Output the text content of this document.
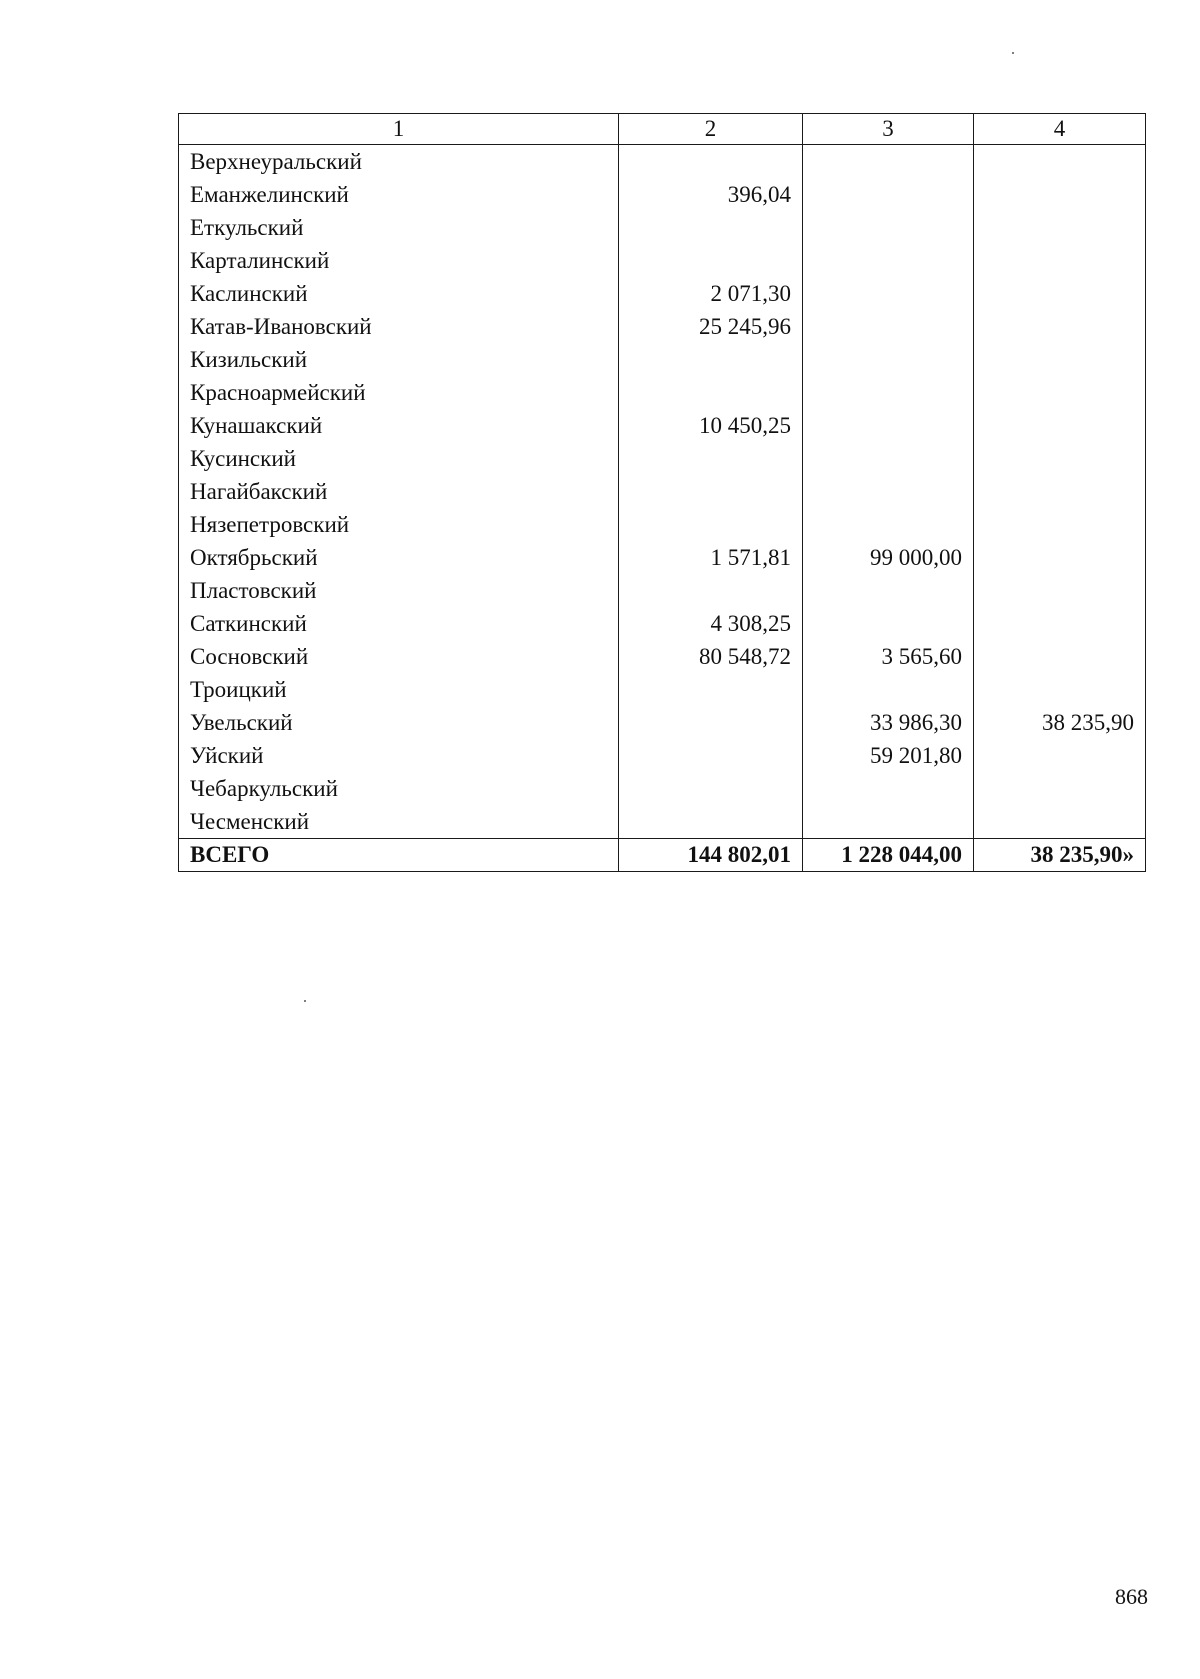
1	2	3	4
Верхнеуральский			
Еманжелинский	396,04		
Еткульский			
Карталинский			
Каслинский	2 071,30		
Катав-Ивановский	25 245,96		
Кизильский			
Красноармейский			
Кунашакский	10 450,25		
Кусинский			
Нагайбакский			
Нязепетровский			
Октябрьский	1 571,81	99 000,00	
Пластовский			
Саткинский	4 308,25		
Сосновский	80 548,72	3 565,60	
Троицкий			
Увельский		33 986,30	38 235,90
Уйский		59 201,80	
Чебаркульский			
Чесменский			
ВСЕГО	144 802,01	1 228 044,00	38 235,90»
868
